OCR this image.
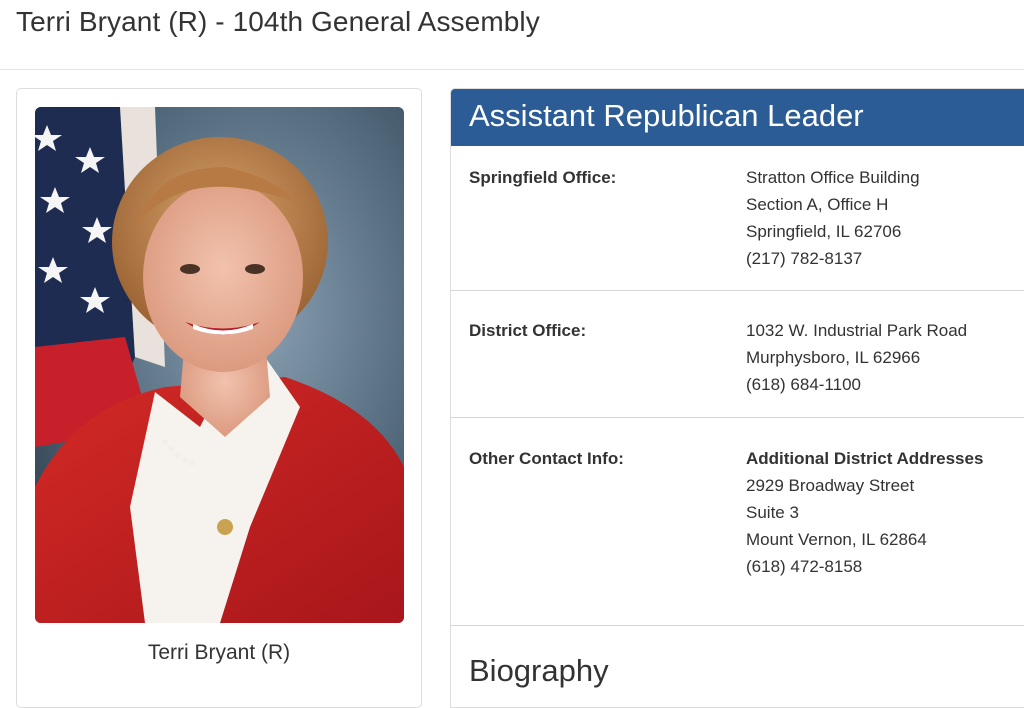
Terri Bryant (R) - 104th General Assembly
Terri Bryant (R)
Assistant Republican Leader
Springfield Office:	Stratton Office Building
Section A, Office H
Springfield, IL 62706
(217) 782-8137
District Office:	1032 W. Industrial Park Road
Murphysboro, IL 62966
(618) 684-1100
Other Contact Info:	Additional District Addresses
2929 Broadway Street
Suite 3
Mount Vernon, IL 62864
(618) 472-8158
Biography
